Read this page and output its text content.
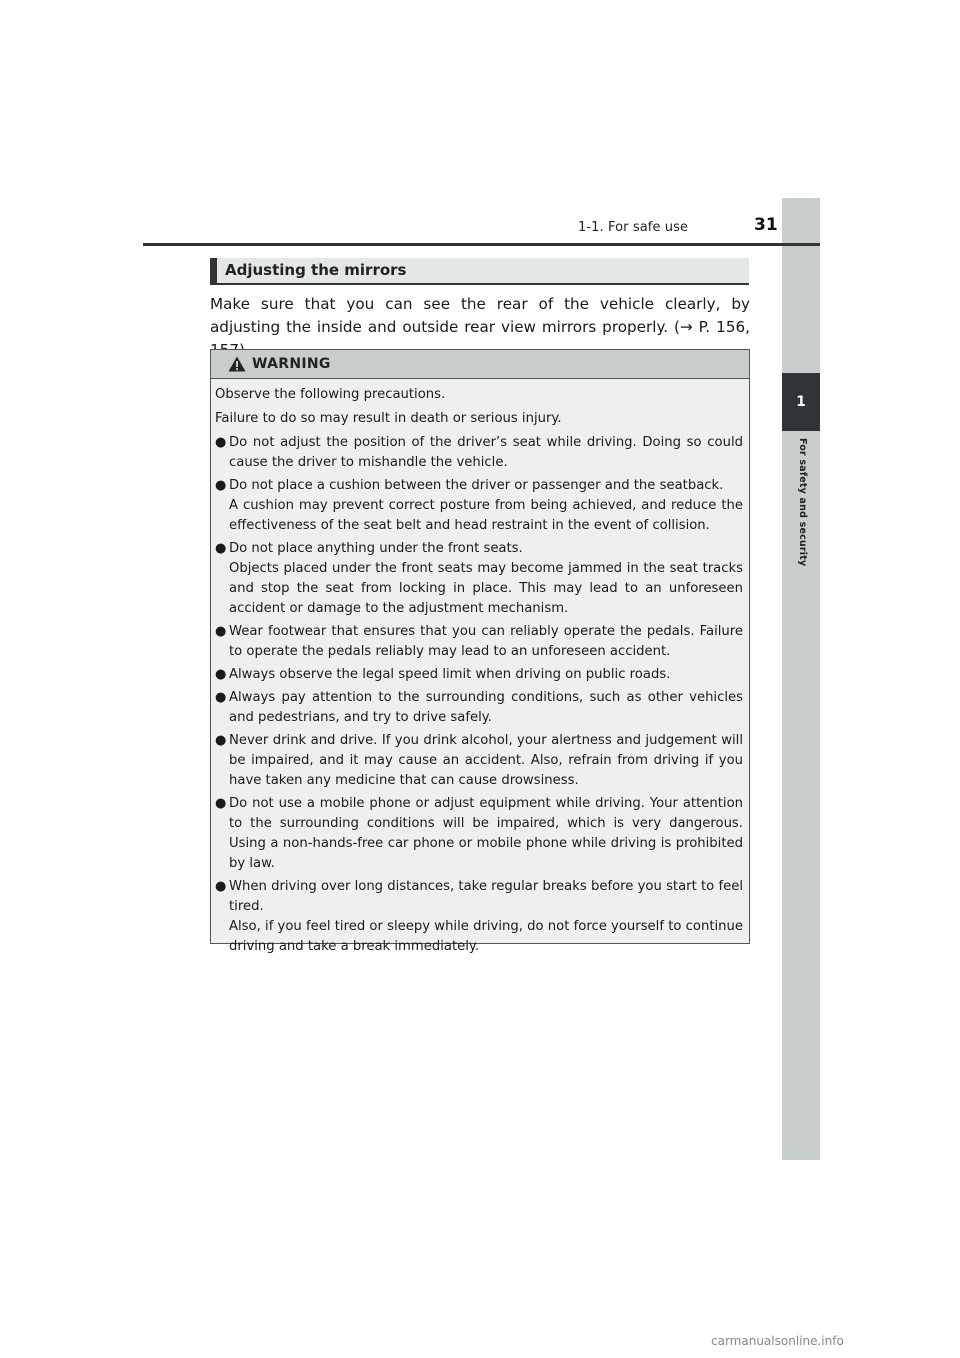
1
For safety and security
1-1. For safe use	31
Adjusting the mirrors
Make sure that you can see the rear of the vehicle clearly, by adjusting the inside and outside rear view mirrors properly. (→ P. 156,
WARNING

Observe the following precautions.

Failure to do so may result in death or serious injury.

● Do not adjust the position of the driver’s seat while driving. Doing so could cause the driver to mishandle the vehicle.
● Do not place a cushion between the driver or passenger and the seatback.
A cushion may prevent correct posture from being achieved, and reduce the effectiveness of the seat belt and head restraint in the event of collision.
● Do not place anything under the front seats.
Objects placed under the front seats may become jammed in the seat tracks and stop the seat from locking in place. This may lead to an unforeseen accident or damage to the adjustment mechanism.
● Wear footwear that ensures that you can reliably operate the pedals. Failure to operate the pedals reliably may lead to an unforeseen accident.
● Always observe the legal speed limit when driving on public roads.
● Always pay attention to the surrounding conditions, such as other vehicles and pedestrians, and try to drive safely.
● Never drink and drive. If you drink alcohol, your alertness and judgement will be impaired, and it may cause an accident. Also, refrain from driving if you have taken any medicine that can cause drowsiness.
● Do not use a mobile phone or adjust equipment while driving. Your attention to the surrounding conditions will be impaired, which is very dangerous. Using a non-hands-free car phone or mobile phone while driving is prohibited by law.
● When driving over long distances, take regular breaks before you start to feel tired.
Also, if you feel tired or sleepy while driving, do not force yourself to continue driving and take a break immediately.
carmanualsonline.info
